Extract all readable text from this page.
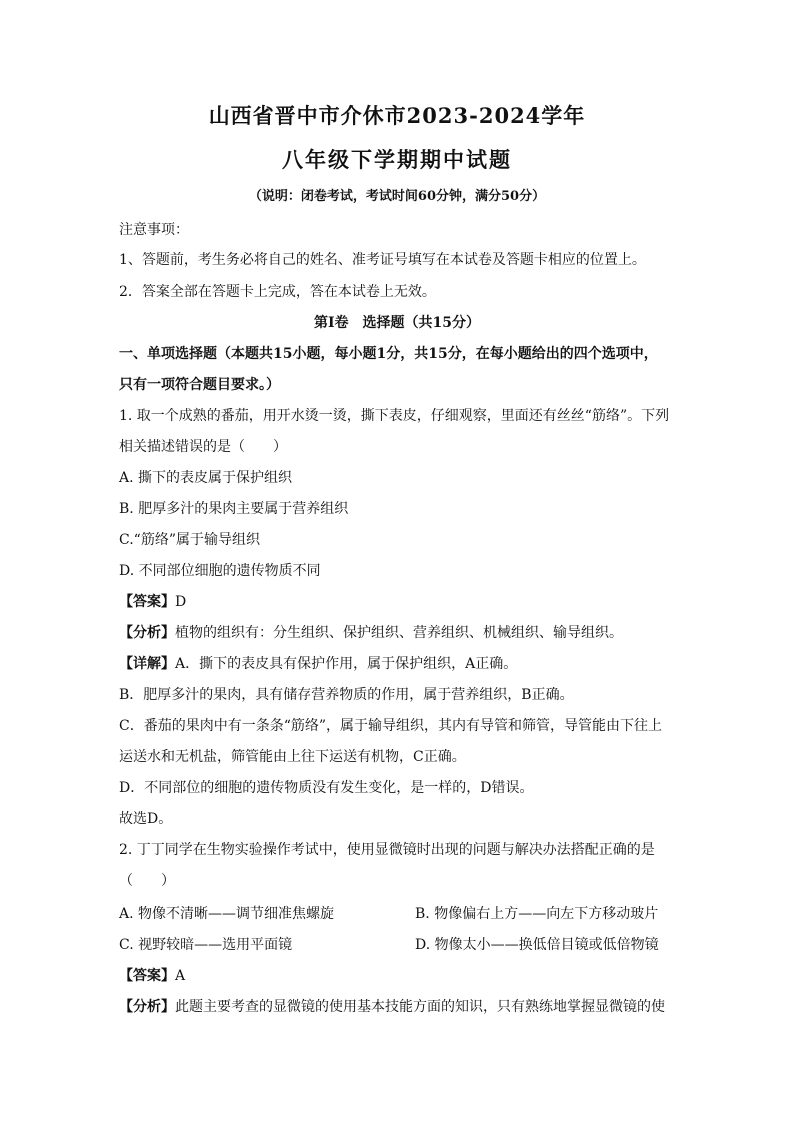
山西省晋中市介休市2023-2024学年
八年级下学期期中试题
（说明：闭卷考试，考试时间60分钟，满分50分）
注意事项：
1、答题前，考生务必将自己的姓名、准考证号填写在本试卷及答题卡相应的位置上。
2．答案全部在答题卡上完成，答在本试卷上无效。
第Ⅰ卷　选择题（共15分）
一、单项选择题（本题共15小题，每小题1分，共15分，在每小题给出的四个选项中，
只有一项符合题目要求。）
1. 取一个成熟的番茄，用开水烫一烫，撕下表皮，仔细观察，里面还有丝丝“筋络”。下列
相关描述错误的是（　　）
A. 撕下的表皮属于保护组织
B. 肥厚多汁的果肉主要属于营养组织
C.“筋络”属于输导组织
D. 不同部位细胞的遗传物质不同
【答案】D
【分析】植物的组织有：分生组织、保护组织、营养组织、机械组织、输导组织。
【详解】A．撕下的表皮具有保护作用，属于保护组织，A正确。
B．肥厚多汁的果肉，具有储存营养物质的作用，属于营养组织，B正确。
C．番茄的果肉中有一条条“筋络”，属于输导组织，其内有导管和筛管，导管能由下往上
运送水和无机盐，筛管能由上往下运送有机物，C正确。
D．不同部位的细胞的遗传物质没有发生变化，是一样的，D错误。
故选D。
2. 丁丁同学在生物实验操作考试中，使用显微镜时出现的问题与解决办法搭配正确的是
（　　）
A. 物像不清晰——调节细准焦螺旋	B. 物像偏右上方——向左下方移动玻片
C. 视野较暗——选用平面镜	D. 物像太小——换低倍目镜或低倍物镜
【答案】A
【分析】此题主要考查的显微镜的使用基本技能方面的知识，只有熟练地掌握显微镜的使
